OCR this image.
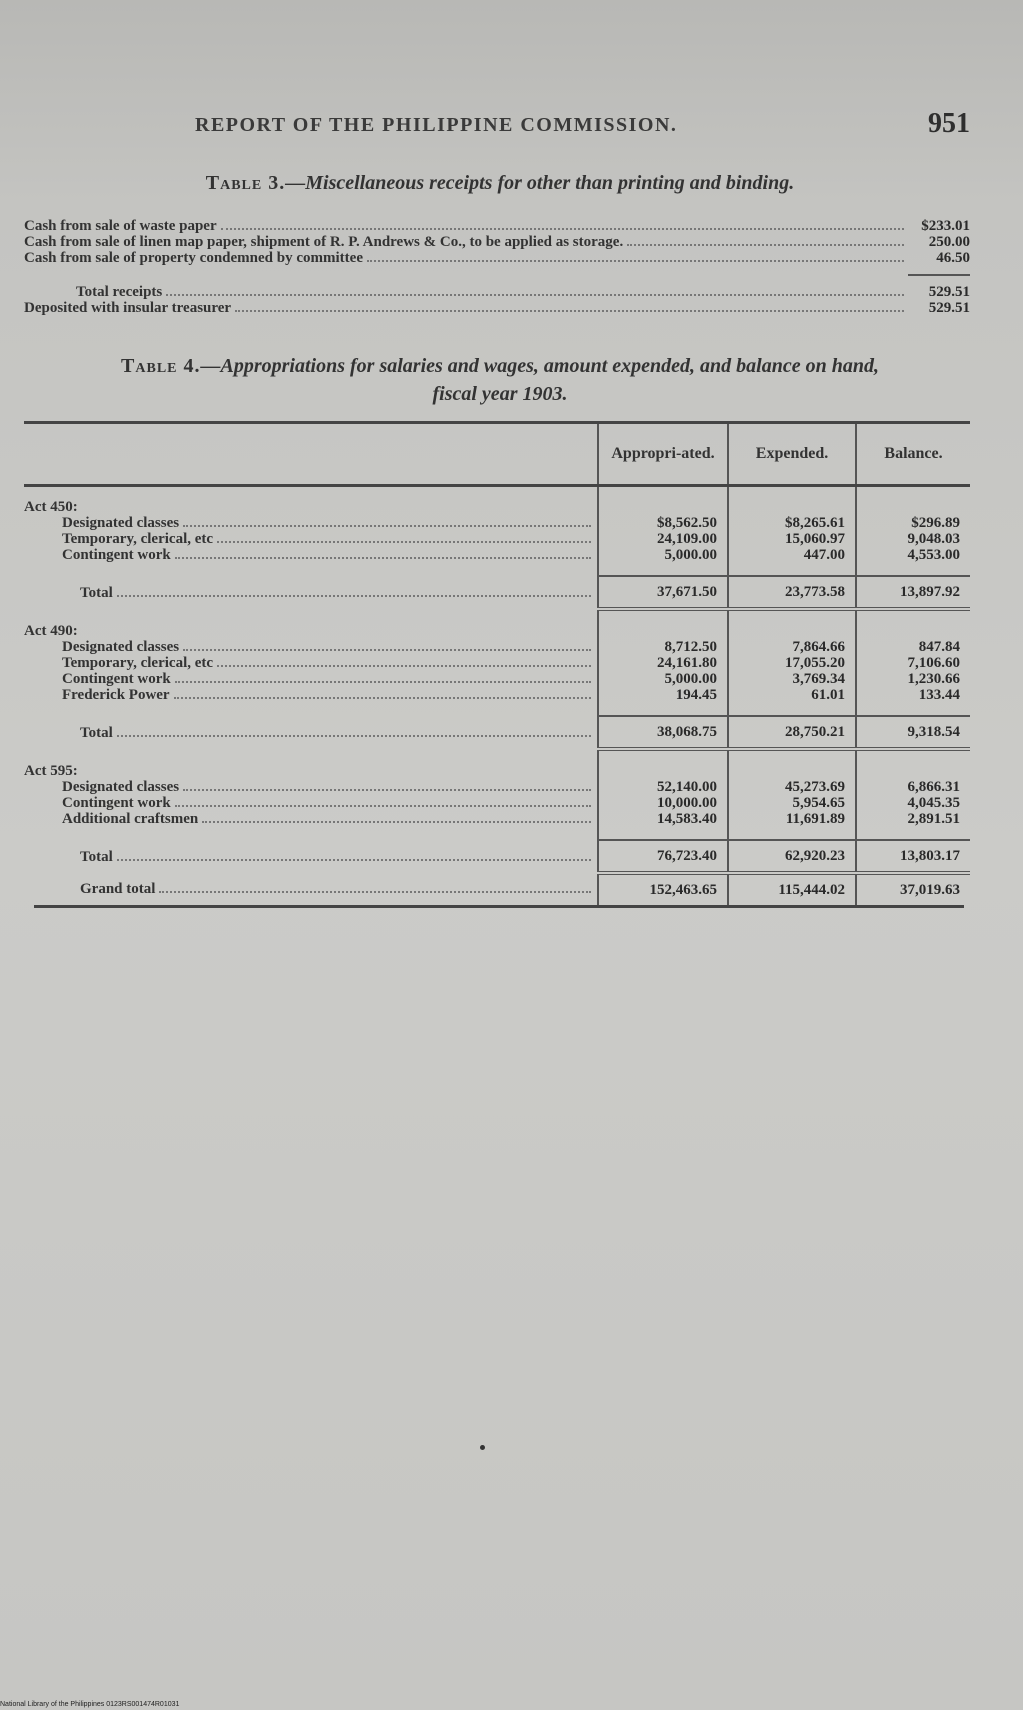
REPORT OF THE PHILIPPINE COMMISSION.	951
Table 3.—Miscellaneous receipts for other than printing and binding.
Cash from sale of waste paper	$233.01
Cash from sale of linen map paper, shipment of R. P. Andrews & Co., to be applied as storage.	250.00
Cash from sale of property condemned by committee	46.50
Total receipts	529.51
Deposited with insular treasurer	529.51
Table 4.—Appropriations for salaries and wages, amount expended, and balance on hand,
fiscal year 1903.
	Appropri-ated.	Expended.	Balance.

Act 450:			

Designated classes	$8,562.50	$8,265.61	$296.89

Temporary, clerical, etc	24,109.00	15,060.97	9,048.03

Contingent work	5,000.00	447.00	4,553.00

Total	37,671.50	23,773.58	13,897.92

Act 490:			

Designated classes	8,712.50	7,864.66	847.84

Temporary, clerical, etc	24,161.80	17,055.20	7,106.60

Contingent work	5,000.00	3,769.34	1,230.66

Frederick Power	194.45	61.01	133.44

Total	38,068.75	28,750.21	9,318.54

Act 595:			

Designated classes	52,140.00	45,273.69	6,866.31

Contingent work	10,000.00	5,954.65	4,045.35

Additional craftsmen	14,583.40	11,691.89	2,891.51

Total	76,723.40	62,920.23	13,803.17

Grand total	152,463.65	115,444.02	37,019.63
National Library of the Philippines 0123RS001474R01031
